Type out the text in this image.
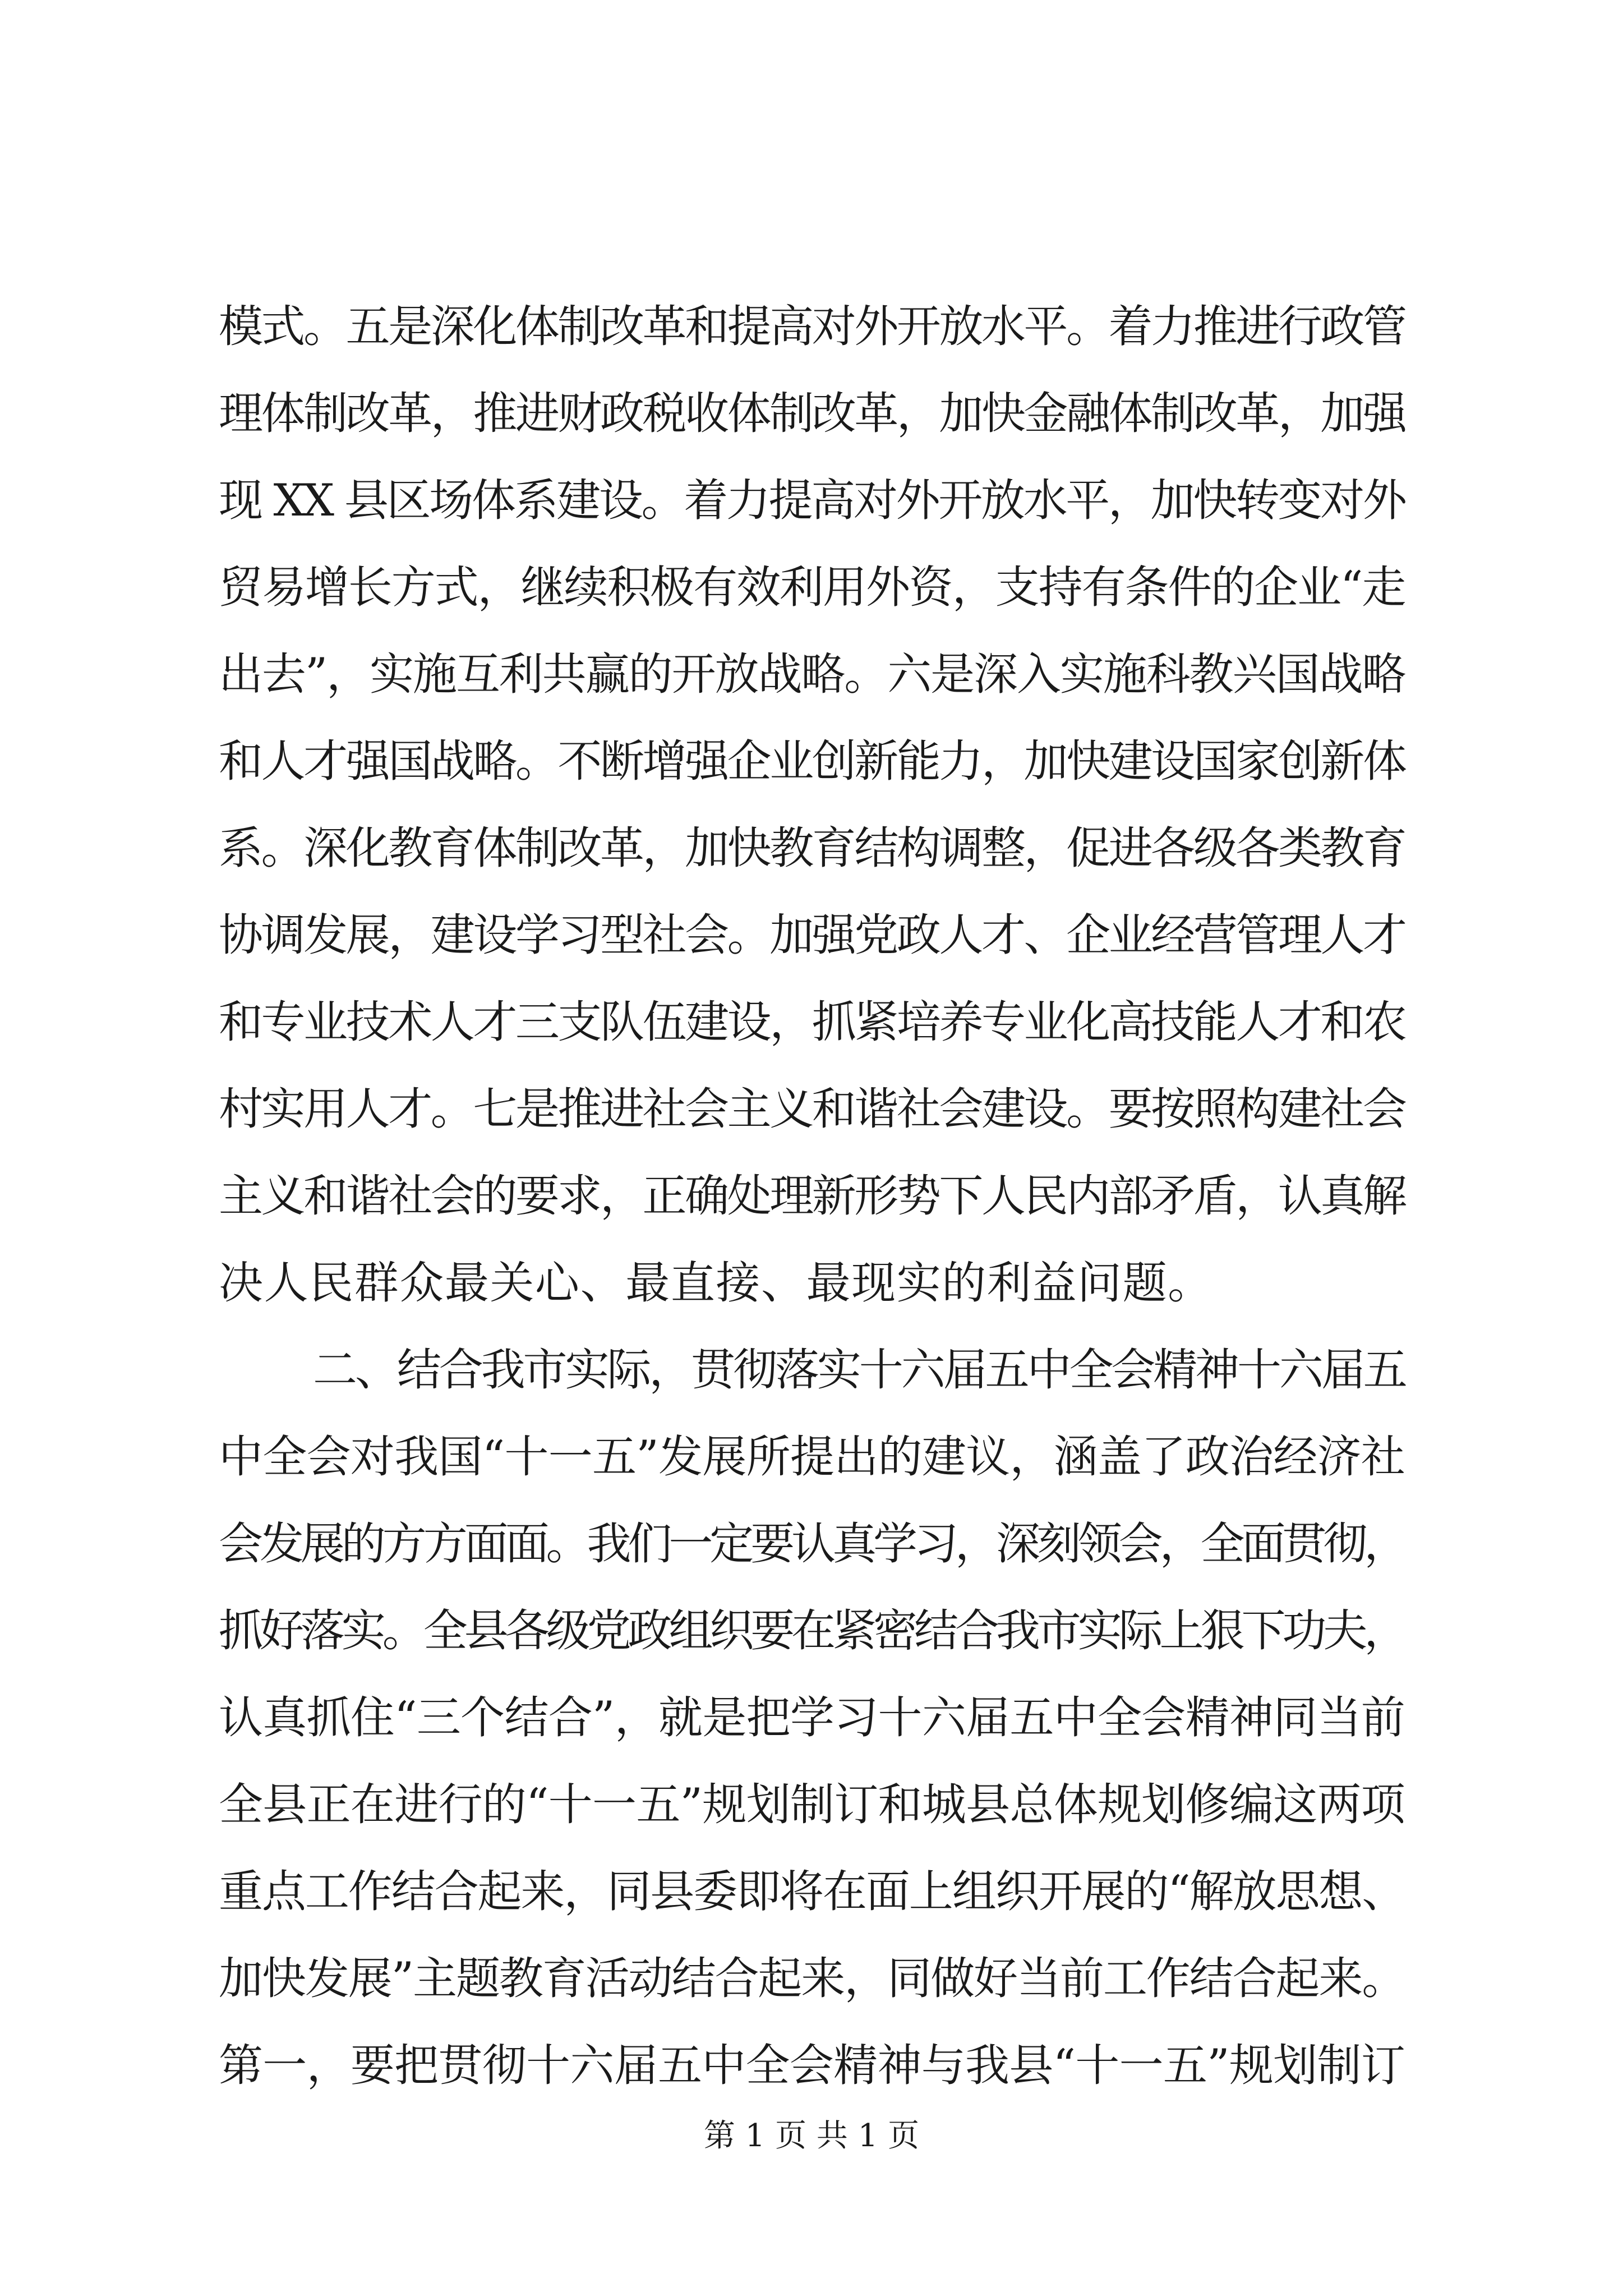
模式。五是深化体制改革和提高对外开放水平。着力推进行政管
理体制改革，推进财政税收体制改革，加快金融体制改革，加强
现 XX 县区场体系建设。着力提高对外开放水平，加快转变对外
贸易增长方式，继续积极有效利用外资，支持有条件的企业“走
出去”，实施互利共赢的开放战略。六是深入实施科教兴国战略
和人才强国战略。不断增强企业创新能力，加快建设国家创新体
系。深化教育体制改革，加快教育结构调整，促进各级各类教育
协调发展，建设学习型社会。加强党政人才、企业经营管理人才
和专业技术人才三支队伍建设，抓紧培养专业化高技能人才和农
村实用人才。七是推进社会主义和谐社会建设。要按照构建社会
主义和谐社会的要求，正确处理新形势下人民内部矛盾，认真解
决人民群众最关心、最直接、最现实的利益问题。
二、结合我市实际，贯彻落实十六届五中全会精神十六届五
中全会对我国“十一五”发展所提出的建议，涵盖了政治经济社
会发展的方方面面。我们一定要认真学习，深刻领会，全面贯彻，
抓好落实。全县各级党政组织要在紧密结合我市实际上狠下功夫，
认真抓住“三个结合”，就是把学习十六届五中全会精神同当前
全县正在进行的“十一五”规划制订和城县总体规划修编这两项
重点工作结合起来，同县委即将在面上组织开展的“解放思想、
加快发展”主题教育活动结合起来，同做好当前工作结合起来。
第一，要把贯彻十六届五中全会精神与我县“十一五”规划制订
第 1 页 共 1 页
